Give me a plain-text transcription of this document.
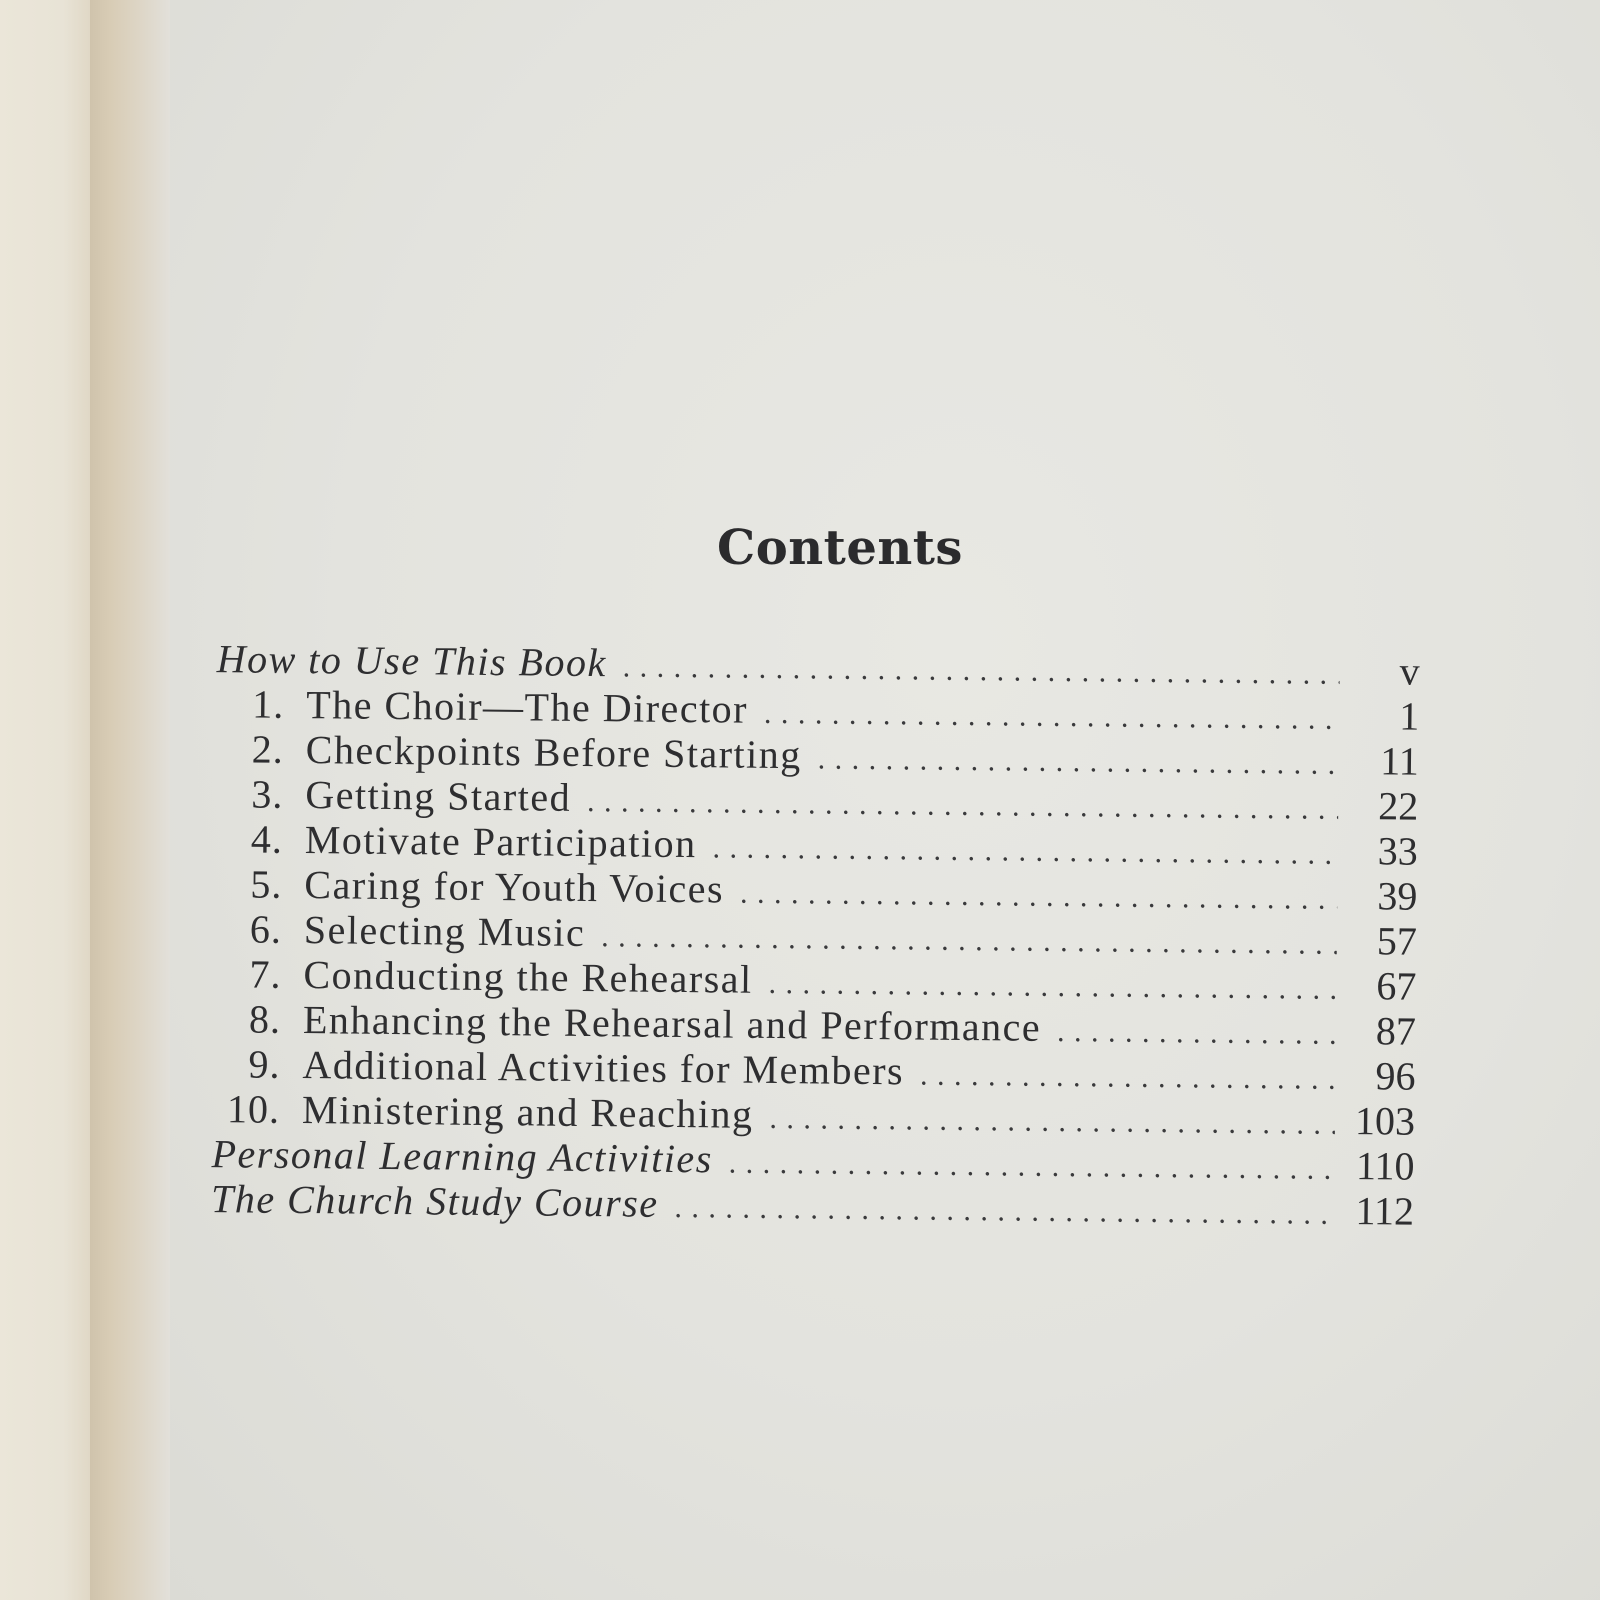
Contents
How to Use This Book . . .	v
1. The Choir—The Director . . .	1
2. Checkpoints Before Starting . . .	11
3. Getting Started . . .	22
4. Motivate Participation . . .	33
5. Caring for Youth Voices . . .	39
6. Selecting Music . . .	57
7. Conducting the Rehearsal . . .	67
8. Enhancing the Rehearsal and Performance . . .	87
9. Additional Activities for Members . . .	96
10. Ministering and Reaching . . .	103
Personal Learning Activities . . .	110
The Church Study Course . . .	112
